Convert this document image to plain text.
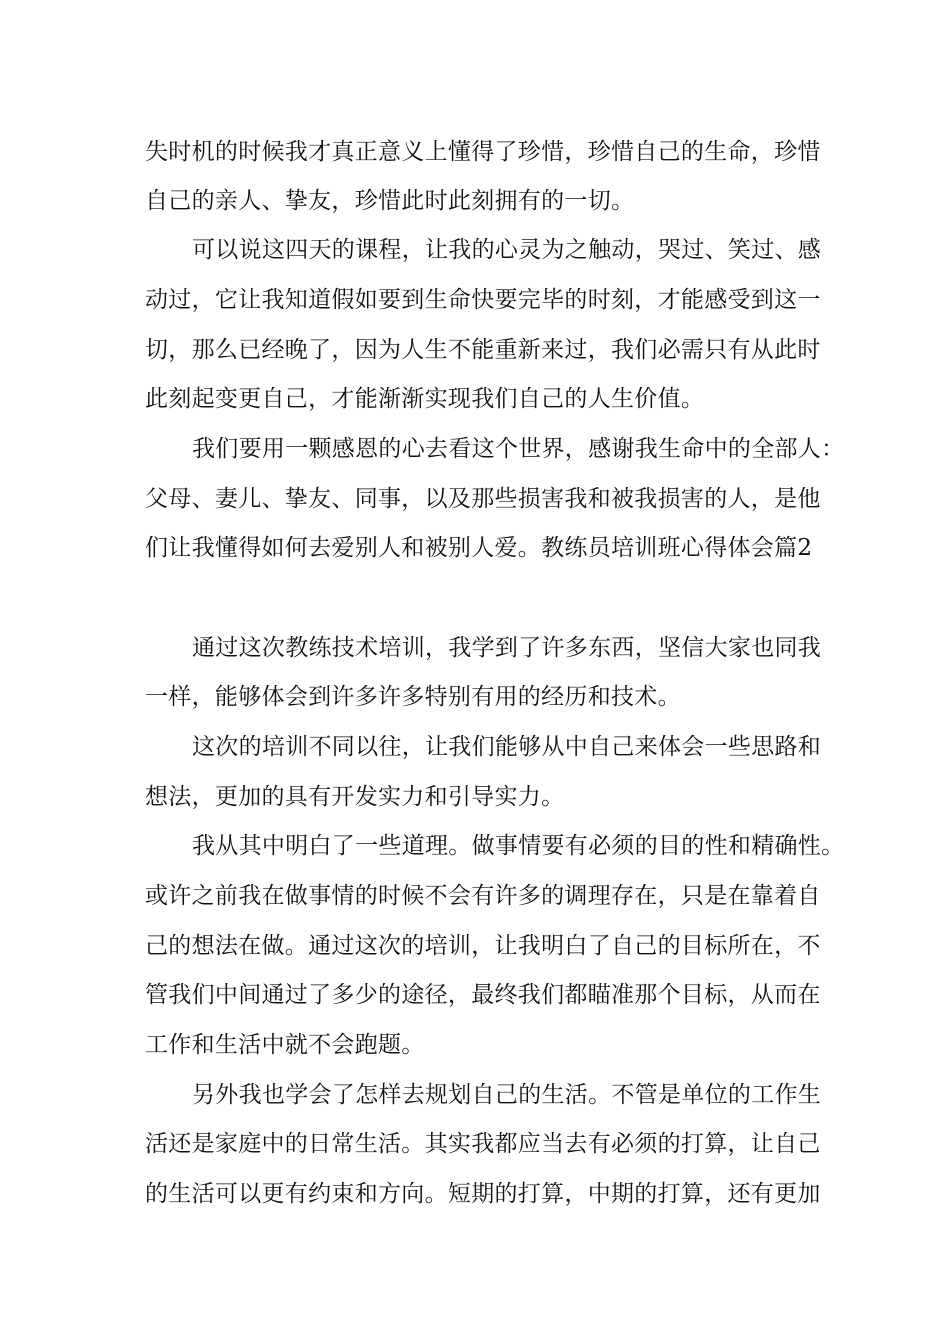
失时机的时候我才真正意义上懂得了珍惜，珍惜自己的生命，珍惜
自己的亲人、挚友，珍惜此时此刻拥有的一切。
可以说这四天的课程，让我的心灵为之触动，哭过、笑过、感
动过，它让我知道假如要到生命快要完毕的时刻，才能感受到这一
切，那么已经晚了，因为人生不能重新来过，我们必需只有从此时
此刻起变更自己，才能渐渐实现我们自己的人生价值。
我们要用一颗感恩的心去看这个世界，感谢我生命中的全部人：
父母、妻儿、挚友、同事，以及那些损害我和被我损害的人，是他
们让我懂得如何去爱别人和被别人爱。教练员培训班心得体会篇2
通过这次教练技术培训，我学到了许多东西，坚信大家也同我
一样，能够体会到许多许多特别有用的经历和技术。
这次的培训不同以往，让我们能够从中自己来体会一些思路和
想法，更加的具有开发实力和引导实力。
我从其中明白了一些道理。做事情要有必须的目的性和精确性。
或许之前我在做事情的时候不会有许多的调理存在，只是在靠着自
己的想法在做。通过这次的培训，让我明白了自己的目标所在，不
管我们中间通过了多少的途径，最终我们都瞄准那个目标，从而在
工作和生活中就不会跑题。
另外我也学会了怎样去规划自己的生活。不管是单位的工作生
活还是家庭中的日常生活。其实我都应当去有必须的打算，让自己
的生活可以更有约束和方向。短期的打算，中期的打算，还有更加
